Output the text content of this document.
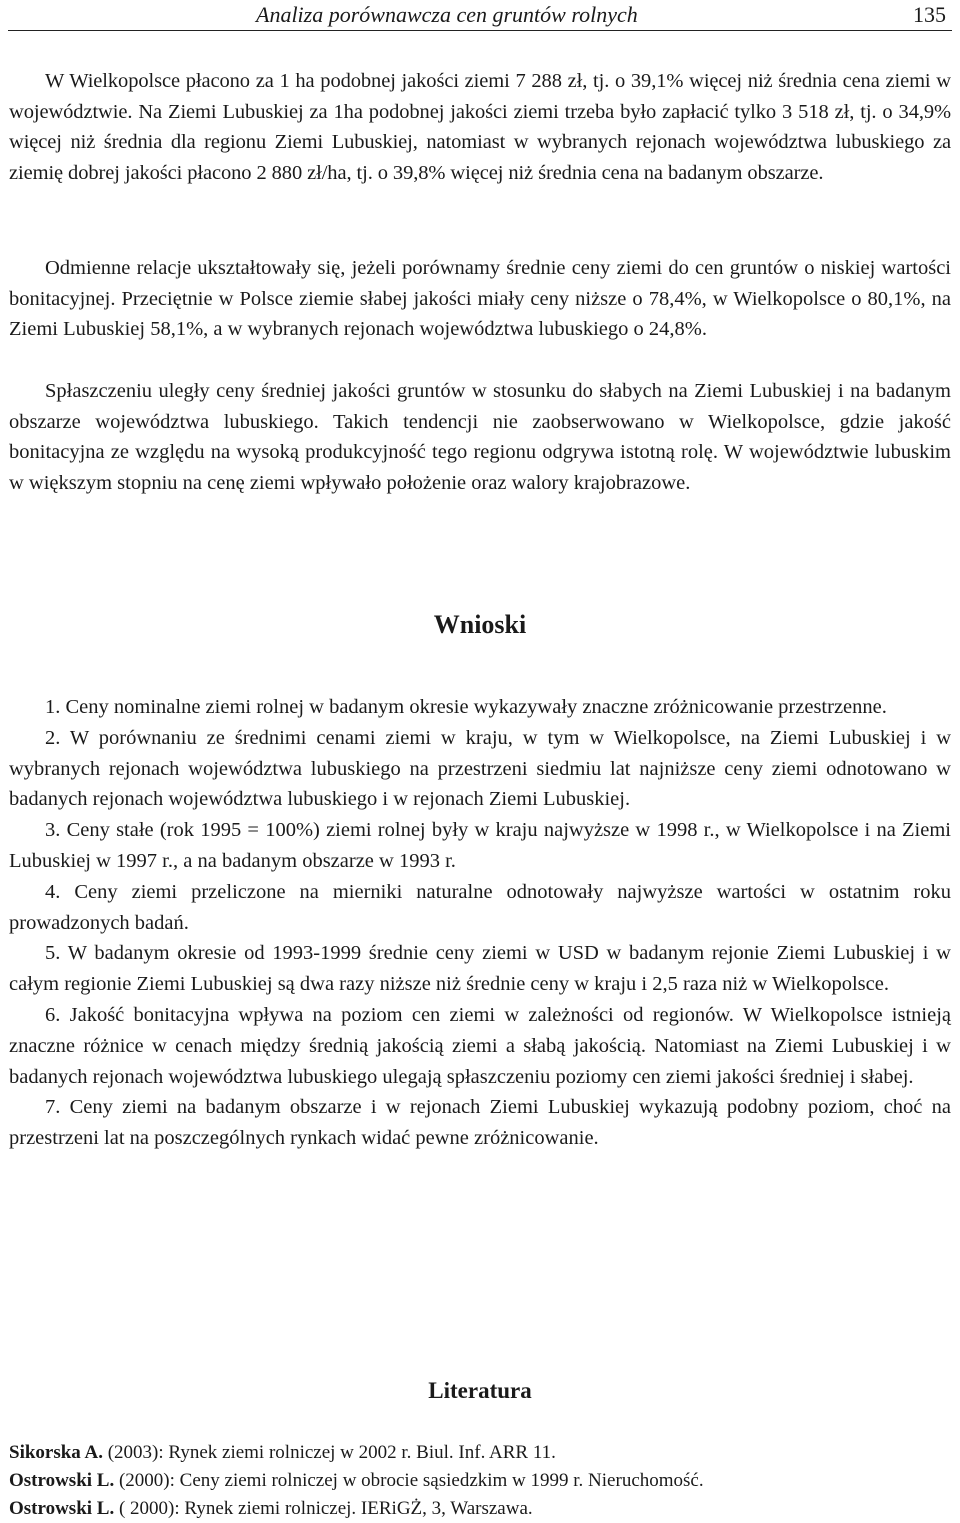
Analiza porównawcza cen gruntów rolnych	135

W Wielkopolsce płacono za 1 ha podobnej jakości ziemi 7 288 zł, tj. o 39,1% więcej niż średnia cena ziemi w województwie. Na Ziemi Lubuskiej za 1ha podobnej jakości ziemi trzeba było zapłacić tylko 3 518 zł, tj. o 34,9% więcej niż średnia dla regionu Ziemi Lubuskiej, natomiast w wybranych rejonach województwa lubuskiego za ziemię dobrej jakości płacono 2 880 zł/ha, tj. o 39,8% więcej niż średnia cena na badanym obszarze.

Odmienne relacje ukształtowały się, jeżeli porównamy średnie ceny ziemi do cen gruntów o niskiej wartości bonitacyjnej. Przeciętnie w Polsce ziemie słabej jakości miały ceny niższe o 78,4%, w Wielkopolsce o 80,1%, na Ziemi Lubuskiej 58,1%, a w wybranych rejonach województwa lubuskiego o 24,8%.

Spłaszczeniu uległy ceny średniej jakości gruntów w stosunku do słabych na Ziemi Lubuskiej i na badanym obszarze województwa lubuskiego. Takich tendencji nie zaobserwowano w Wielkopolsce, gdzie jakość bonitacyjna ze względu na wysoką produkcyjność tego regionu odgrywa istotną rolę. W województwie lubuskim w większym stopniu na cenę ziemi wpływało położenie oraz walory krajobrazowe.

Wnioski

1. Ceny nominalne ziemi rolnej w badanym okresie wykazywały znaczne zróżnicowanie przestrzenne.

2. W porównaniu ze średnimi cenami ziemi w kraju, w tym w Wielkopolsce, na Ziemi Lubuskiej i w wybranych rejonach województwa lubuskiego na przestrzeni siedmiu lat najniższe ceny ziemi odnotowano w badanych rejonach województwa lubuskiego i w rejonach Ziemi Lubuskiej.

3. Ceny stałe (rok 1995 = 100%) ziemi rolnej były w kraju najwyższe w 1998 r., w Wielkopolsce i na Ziemi Lubuskiej w 1997 r., a na badanym obszarze w 1993 r.

4. Ceny ziemi przeliczone na mierniki naturalne odnotowały najwyższe wartości w ostatnim roku prowadzonych badań.

5. W badanym okresie od 1993-1999 średnie ceny ziemi w USD w badanym rejonie Ziemi Lubuskiej i w całym regionie Ziemi Lubuskiej są dwa razy niższe niż średnie ceny w kraju i 2,5 raza niż w Wielkopolsce.

6. Jakość bonitacyjna wpływa na poziom cen ziemi w zależności od regionów. W Wielkopolsce istnieją znaczne różnice w cenach między średnią jakością ziemi a słabą jakością. Natomiast na Ziemi Lubuskiej i w badanych rejonach województwa lubuskiego ulegają spłaszczeniu poziomy cen ziemi jakości średniej i słabej.

7. Ceny ziemi na badanym obszarze i w rejonach Ziemi Lubuskiej wykazują podobny poziom, choć na przestrzeni lat na poszczególnych rynkach widać pewne zróżnicowanie.

Literatura
Sikorska A. (2003): Rynek ziemi rolniczej w 2002 r. Biul. Inf. ARR 11.
Ostrowski L. (2000): Ceny ziemi rolniczej w obrocie sąsiedzkim w 1999 r. Nieruchomość.
Ostrowski L. ( 2000): Rynek ziemi rolniczej. IERiGŻ, 3, Warszawa.
